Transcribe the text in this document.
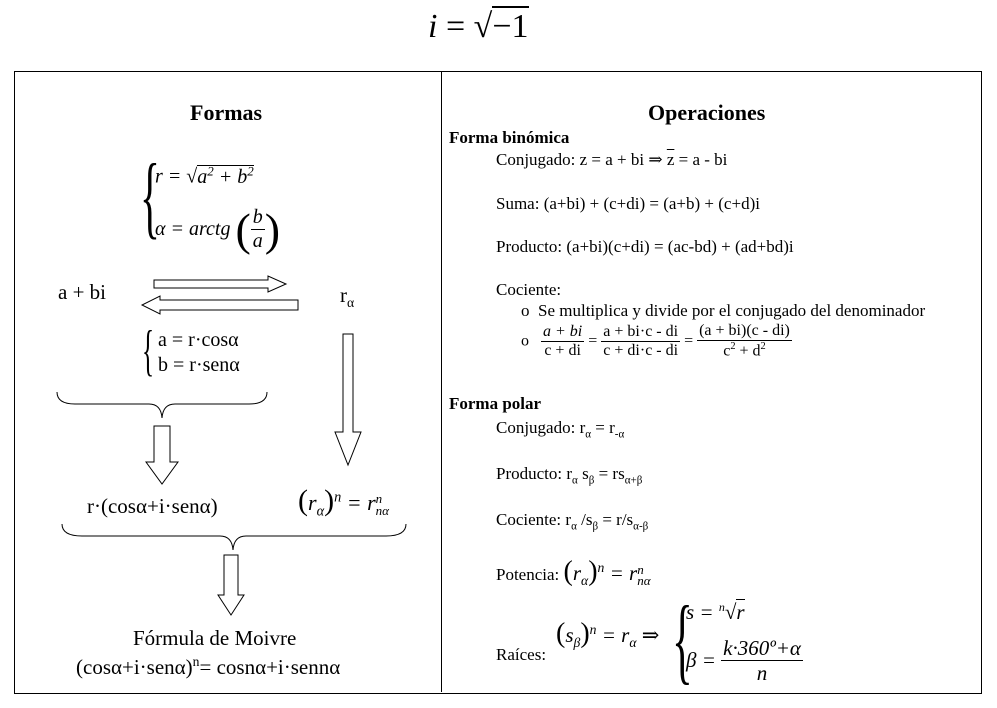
i = √−1
Formas
{
$r = √a^2 + b^2$
α = arctg ( $\frac{b}{a}$ )
a + bi	$r_\alpha$
{ a = r·cosα
b = r·senα
r·(cosα+i·senα)	$(r_\alpha)^n = r$ n
nα
Fórmula de Moivre
$(\cos\alpha+i\cdot sen\alpha)^n=$ cosnα+i·sennα
Operaciones
Forma binómica
Conjugado: z = a + bi ⇒ $\overline{z} = a$ - bi
Suma: (a+bi) + (c+di) = (a+b) + (c+d)i
Producto: (a+bi)(c+di) = (ac-bd) + (ad+bd)i
Cociente:
o Se multiplica y divide por el conjugado del denominador
o $\frac{a + bi}{c + di} = \frac{a + bi\cdot c - di}{c + di\cdot c - di} = \frac{(a + bi)(c - di)}{c^2 + d^2}$
Forma polar
Conjugado: $r_\alpha = r_{-\alpha}$
Producto: $r_\alpha$ $s_\beta = rs_{\alpha+\beta}$
Cociente: $r_\alpha$ $/s_\beta = r/s_{\alpha-\beta}$
Potencia: $(r_\alpha)^n = r$ n
nα
Raíces:
$(s_\beta)^n = r_\alpha$ ⇒ {
s = $^n$√r
$\beta = \frac{\text{k·360º+α}}{n}$
